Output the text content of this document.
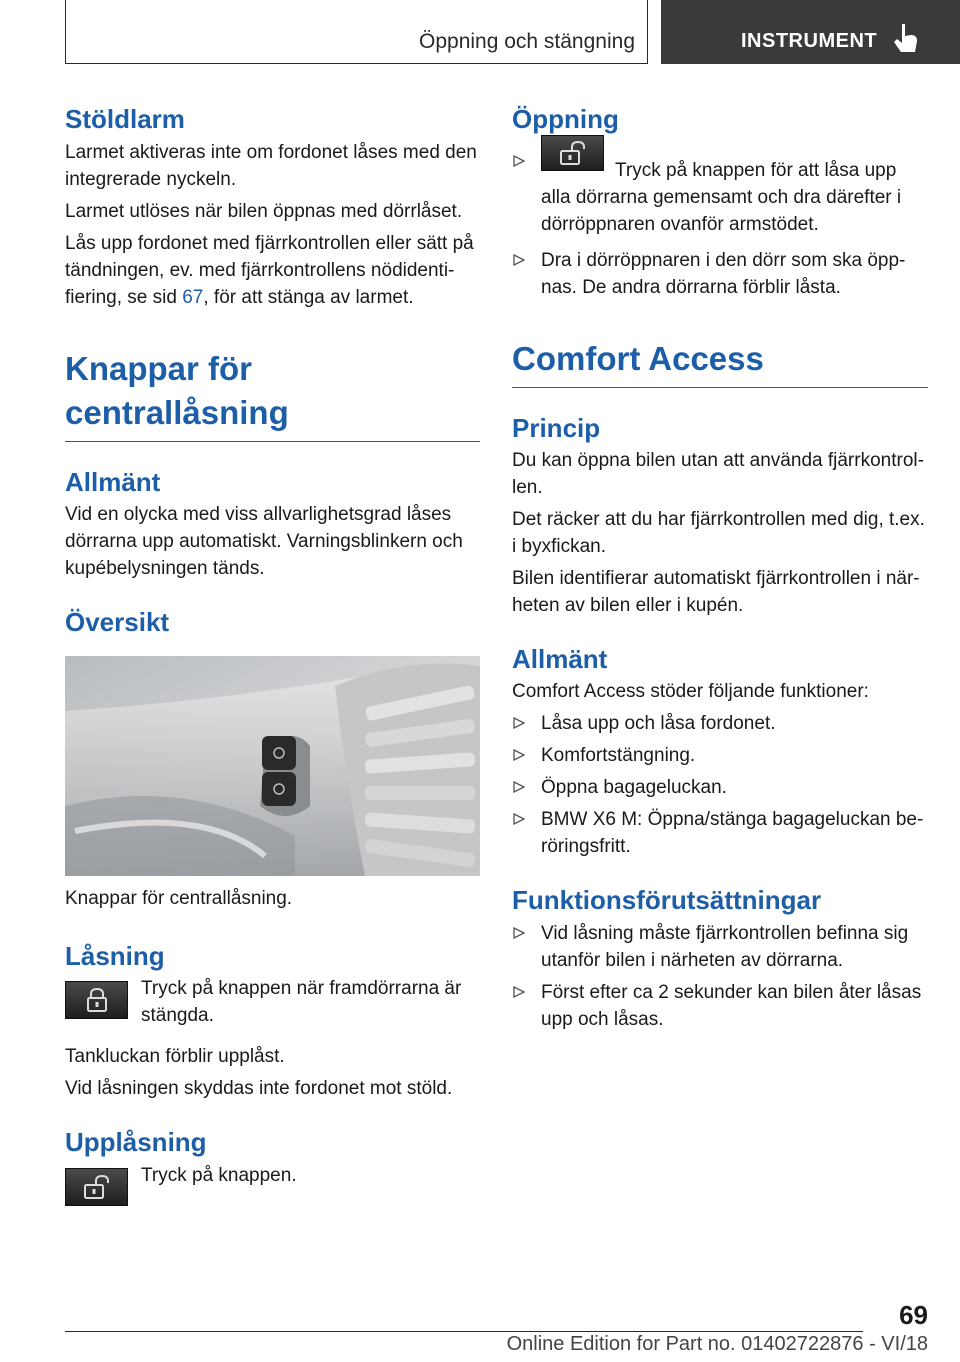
Öppning och stängning	INSTRUMENT
Stöldlarm

Larmet aktiveras inte om fordonet låses med den integrerade nyckeln.

Larmet utlöses när bilen öppnas med dörrlåset.

Lås upp fordonet med fjärrkontrollen eller sätt på tändningen, ev. med fjärrkontrollens nödidenti-fiering, se sid 67, för att stänga av larmet.

Knappar för centrallåsning
Allmänt

Vid en olycka med viss allvarlighetsgrad låses dörrarna upp automatiskt. Varningsblinkern och kupébelysningen tänds.

Översikt

Knappar för centrallåsning.

Låsning

Tryck på knappen när framdörrarna är stängda.

Tankluckan förblir upplåst.

Vid låsningen skyddas inte fordonet mot stöld.

Upplåsning

Tryck på knappen.

Öppning
Tryck på knappen för att låsa upp alla dörrarna gemensamt och dra därefter i dörröppnaren ovanför armstödet.
Dra i dörröppnaren i den dörr som ska öpp-nas. De andra dörrarna förblir låsta.
Comfort Access
Princip

Du kan öppna bilen utan att använda fjärrkontrol-len.

Det räcker att du har fjärrkontrollen med dig, t.ex. i byxfickan.

Bilen identifierar automatiskt fjärrkontrollen i när-heten av bilen eller i kupén.

Allmänt

Comfort Access stöder följande funktioner:

Låsa upp och låsa fordonet.
Komfortstängning.
Öppna bagageluckan.
BMW X6 M: Öppna/stänga bagageluckan be-röringsfritt.
Funktionsförutsättningar
Vid låsning måste fjärrkontrollen befinna sig utanför bilen i närheten av dörrarna.
Först efter ca 2 sekunder kan bilen åter låsas upp och låsas.
69
Online Edition for Part no. 01402722876 - VI/18
